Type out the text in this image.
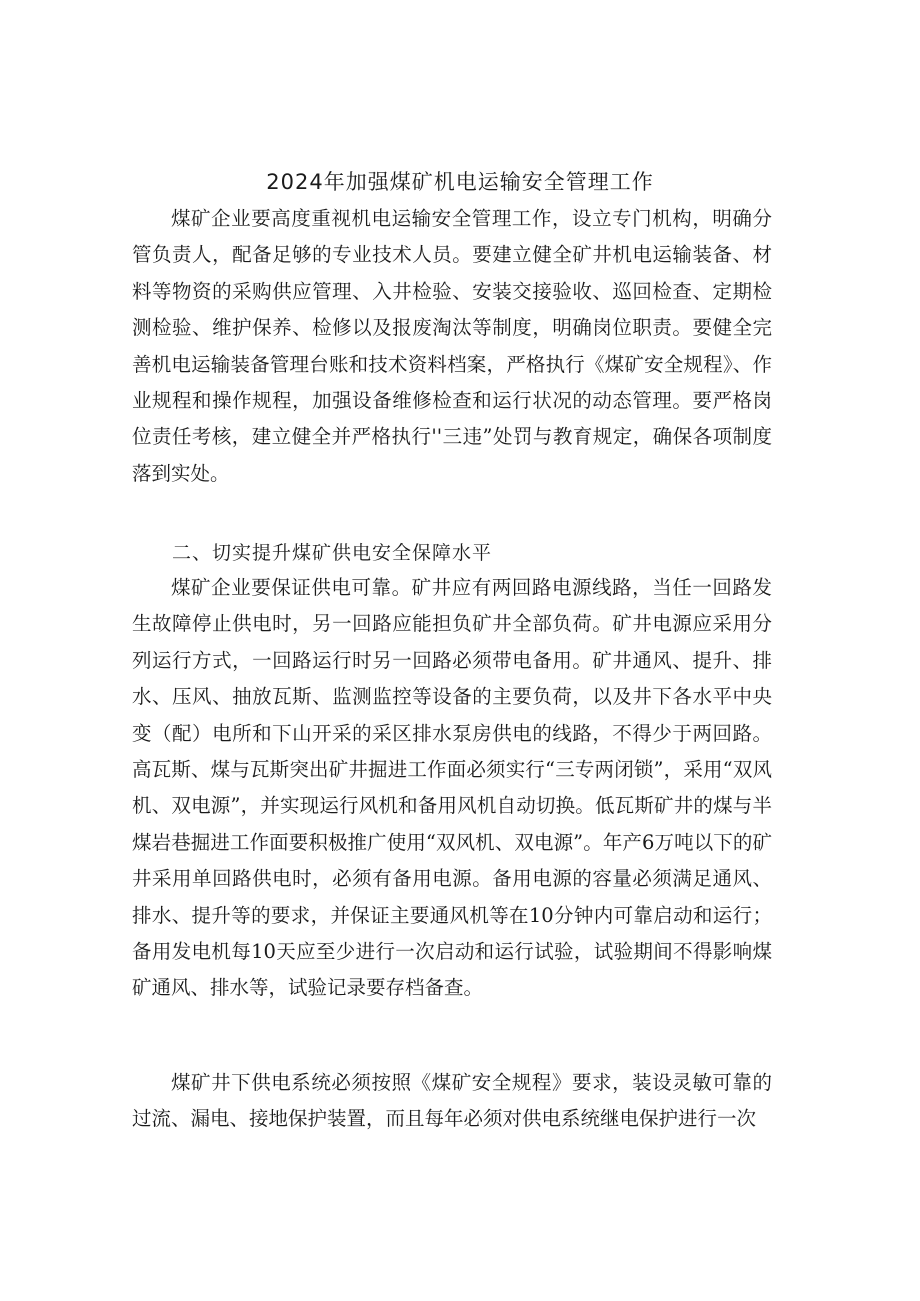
2024年加强煤矿机电运输安全管理工作

煤矿企业要高度重视机电运输安全管理工作，设立专门机构，明确分管负责人，配备足够的专业技术人员。要建立健全矿井机电运输装备、材料等物资的采购供应管理、入井检验、安装交接验收、巡回检查、定期检测检验、维护保养、检修以及报废淘汰等制度，明确岗位职责。要健全完善机电运输装备管理台账和技术资料档案，严格执行《煤矿安全规程》、作业规程和操作规程，加强设备维修检查和运行状况的动态管理。要严格岗位责任考核，建立健全并严格执行''三违”处罚与教育规定，确保各项制度落到实处。

二、切实提升煤矿供电安全保障水平

煤矿企业要保证供电可靠。矿井应有两回路电源线路，当任一回路发生故障停止供电时，另一回路应能担负矿井全部负荷。矿井电源应采用分列运行方式，一回路运行时另一回路必须带电备用。矿井通风、提升、排水、压风、抽放瓦斯、监测监控等设备的主要负荷，以及井下各水平中央变（配）电所和下山开采的采区排水泵房供电的线路，不得少于两回路。高瓦斯、煤与瓦斯突出矿井掘进工作面必须实行“三专两闭锁”，采用“双风机、双电源”，并实现运行风机和备用风机自动切换。低瓦斯矿井的煤与半煤岩巷掘进工作面要积极推广使用“双风机、双电源”。年产6万吨以下的矿井采用单回路供电时，必须有备用电源。备用电源的容量必须满足通风、排水、提升等的要求，并保证主要通风机等在10分钟内可靠启动和运行；备用发电机每10天应至少进行一次启动和运行试验，试验期间不得影响煤矿通风、排水等，试验记录要存档备查。

煤矿井下供电系统必须按照《煤矿安全规程》要求，装设灵敏可靠的过流、漏电、接地保护装置，而且每年必须对供电系统继电保护进行一次
